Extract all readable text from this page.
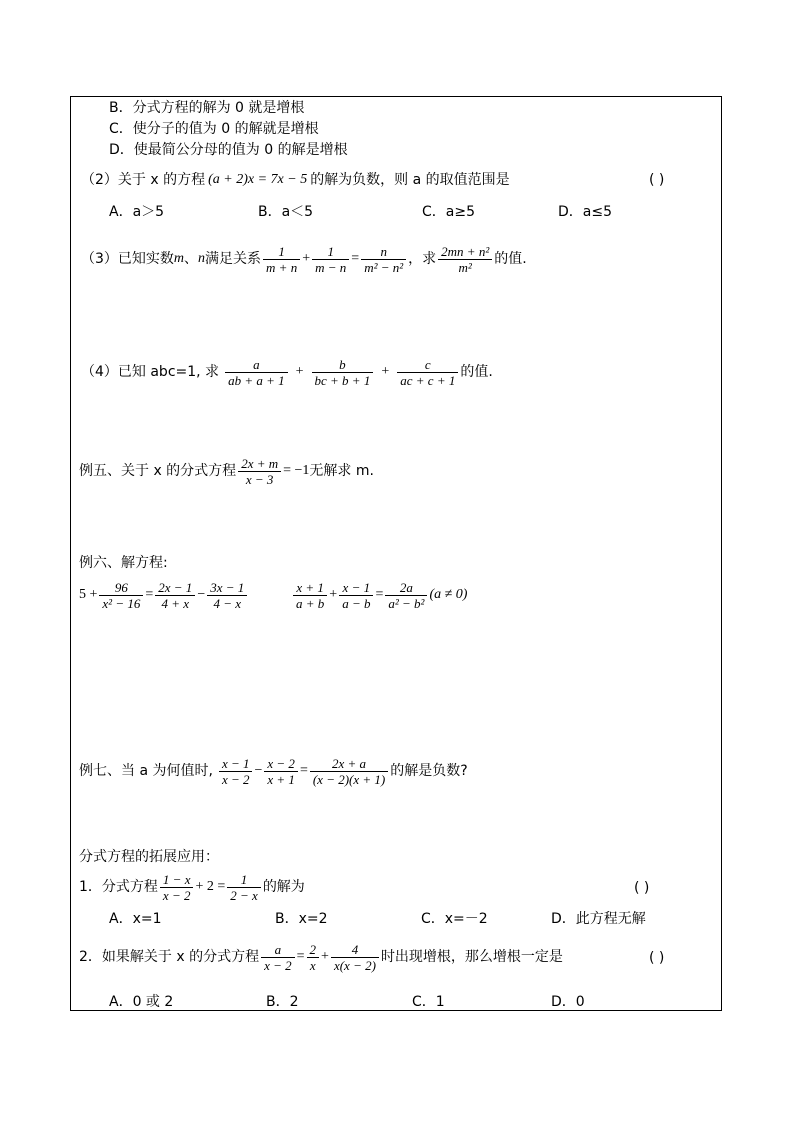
B．分式方程的解为 0 就是增根
C．使分子的值为 0 的解就是增根
D．使最简公分母的值为 0 的解是增根
（2）关于 x 的方程 (a + 2)x = 7x − 5 的解为负数，则 a 的取值范围是	( )
A．a＞5	B．a＜5	C．a≥5	D．a≤5
（3）已知实数 m 、 n 满足关系 $\frac{1}{m + n} + \frac{1}{m - n} = \frac{n}{\text{m² − n²}}$ ，求 $\frac{\text{2mn + n²}}{\text{m²}}$ 的值.
（4）已知 abc=1, 求 $\frac{a}{ab + a + 1} + \frac{b}{bc + b + 1} + \frac{c}{ac + c + 1}$ 的值.
例五、关于 x 的分式方程 $\frac{2x + m}{x - 3} = -1$ 无解求 m.
例六、解方程:
$5 + \frac{96}{\text{x² − 16}} = \frac{2x - 1}{4 + x} - \frac{3x - 1}{4 - x}$	$\frac{x + 1}{a + b} + \frac{x - 1}{a - b} = \frac{2a}{\text{a² − b²}} (a \ne 0)$
例七、当 a 为何值时, $\frac{x - 1}{x - 2} - \frac{x - 2}{x + 1} = \frac{2x + a}{(x - 2)(x + 1)}$ 的解是负数?
分式方程的拓展应用：
1．分式方程 $\frac{1 - x}{x - 2} + 2 = \frac{1}{2 - x}$ 的解为	( )
A．x=1	B．x=2	C．x=－2	D．此方程无解
2．如果解关于 x 的分式方程 $\frac{a}{x - 2} = \frac{2}{x} + \frac{4}{x(x - 2)}$ 时出现增根，那么增根一定是	( )
A．0 或 2	B．2	C．1	D．0
